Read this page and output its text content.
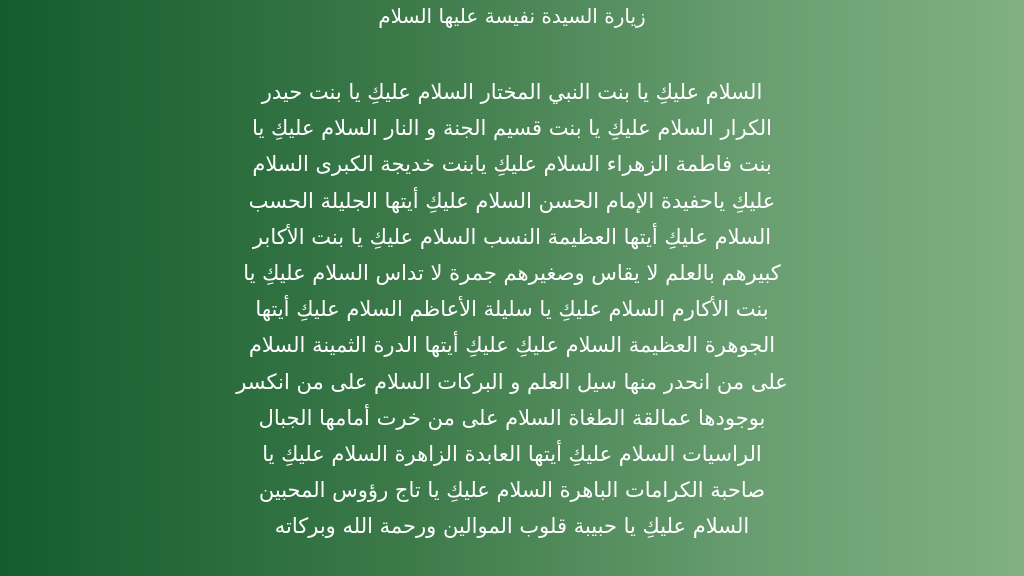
زيارة السيدة نفيسة عليها السلام
السلام عليكِ يا بنت النبي المختار السلام عليكِ يا بنت حيدر
الكرار السلام عليكِ يا بنت قسيم الجنة و النار السلام عليكِ يا
بنت فاطمة الزهراء السلام عليكِ يابنت خديجة الكبرى السلام
عليكِ ياحفيدة الإمام الحسن السلام عليكِ أيتها الجليلة الحسب
السلام عليكِ أيتها العظيمة النسب السلام عليكِ يا بنت الأكابر
كبيرهم بالعلم لا يقاس وصغيرهم جمرة لا تداس السلام عليكِ يا
بنت الأكارم السلام عليكِ يا سليلة الأعاظم السلام عليكِ أيتها
الجوهرة العظيمة السلام عليكِ عليكِ أيتها الدرة الثمينة السلام
على من انحدر منها سيل العلم و البركات السلام على من انكسر
بوجودها عمالقة الطغاة السلام على من خرت أمامها الجبال
الراسيات السلام عليكِ أيتها العابدة الزاهرة السلام عليكِ يا
صاحبة الكرامات الباهرة السلام عليكِ يا تاج رؤوس المحبين
السلام عليكِ يا حبيبة قلوب الموالين ورحمة الله وبركاته
